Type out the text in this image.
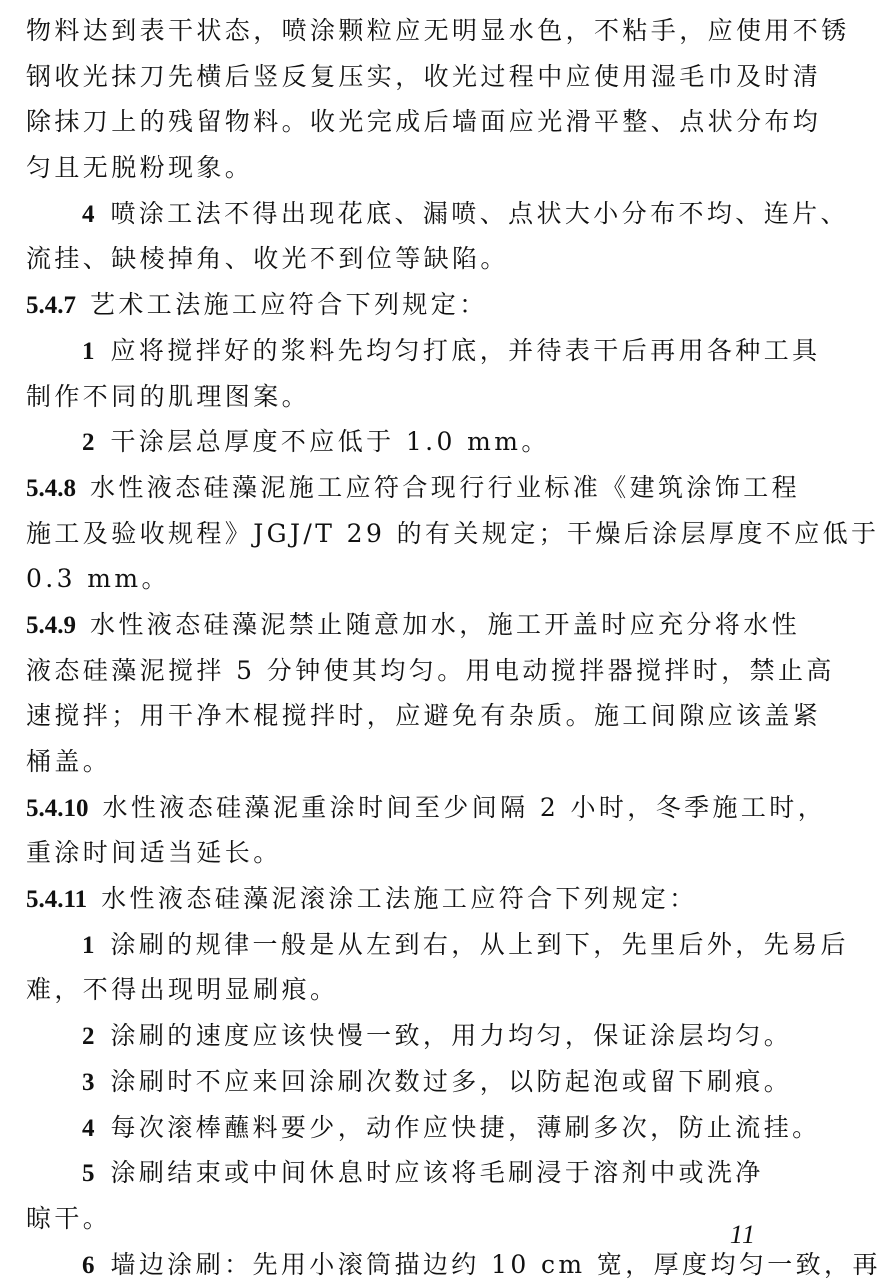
物料达到表干状态，喷涂颗粒应无明显水色，不粘手，应使用不锈
钢收光抹刀先横后竖反复压实，收光过程中应使用湿毛巾及时清
除抹刀上的残留物料。收光完成后墙面应光滑平整、点状分布均
匀且无脱粉现象。
4 喷涂工法不得出现花底、漏喷、点状大小分布不均、连片、
流挂、缺棱掉角、收光不到位等缺陷。
5.4.7 艺术工法施工应符合下列规定：
1 应将搅拌好的浆料先均匀打底，并待表干后再用各种工具
制作不同的肌理图案。
2 干涂层总厚度不应低于 1.0 mm。
5.4.8 水性液态硅藻泥施工应符合现行行业标准《建筑涂饰工程
施工及验收规程》JGJ/T 29 的有关规定；干燥后涂层厚度不应低于
0.3 mm。
5.4.9 水性液态硅藻泥禁止随意加水，施工开盖时应充分将水性
液态硅藻泥搅拌 5 分钟使其均匀。用电动搅拌器搅拌时，禁止高
速搅拌；用干净木棍搅拌时，应避免有杂质。施工间隙应该盖紧
桶盖。
5.4.10 水性液态硅藻泥重涂时间至少间隔 2 小时，冬季施工时，
重涂时间适当延长。
5.4.11 水性液态硅藻泥滚涂工法施工应符合下列规定：
1 涂刷的规律一般是从左到右，从上到下，先里后外，先易后
难，不得出现明显刷痕。
2 涂刷的速度应该快慢一致，用力均匀，保证涂层均匀。
3 涂刷时不应来回涂刷次数过多，以防起泡或留下刷痕。
4 每次滚棒蘸料要少，动作应快捷，薄刷多次，防止流挂。
5 涂刷结束或中间休息时应该将毛刷浸于溶剂中或洗净
晾干。
6 墙边涂刷：先用小滚筒描边约 10 cm 宽，厚度均匀一致，再
11
